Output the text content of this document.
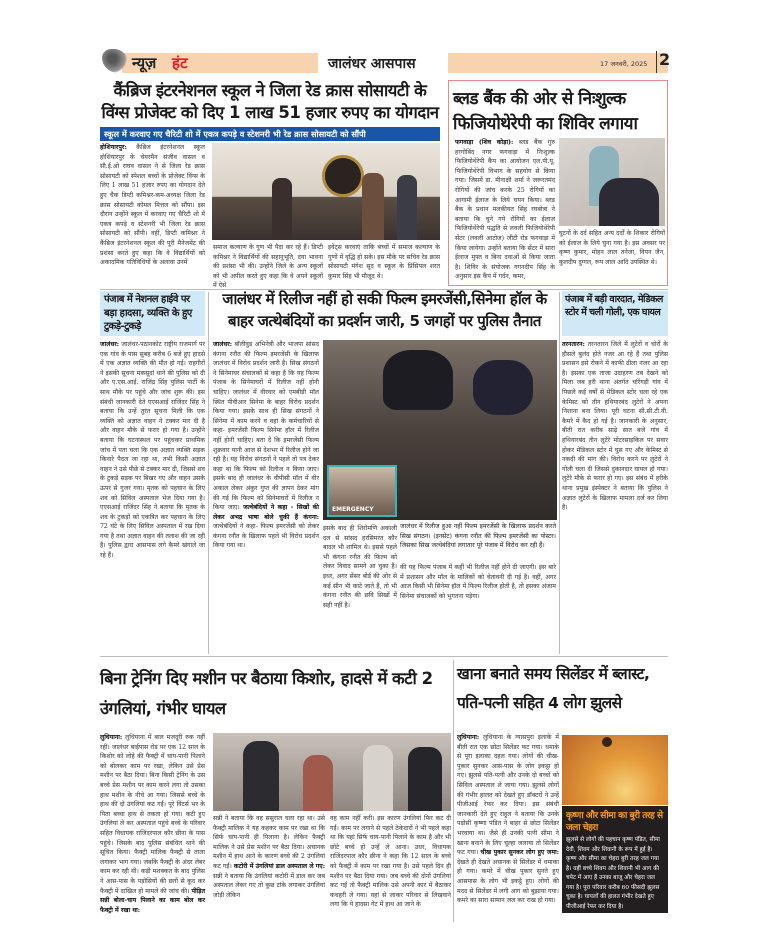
न्यूज़ हंट	जालंधर आसपास	17 जनवरी, 2025 2
कैंब्रिज इंटरनेशनल स्कूल ने जिला रेड क्रास सोसायटी के विंग्स प्रोजेक्ट को दिए 1 लाख 51 हजार रुपए का योगदान
स्कूल में करवाए गए चैरिटी शो में एकत्र कपड़े व स्टेशनरी भी रेड क्रास सोसायटी को सौंपी
होशियारपुर: कैंब्रिज इंटरनेशनल स्कूल होशियारपुर के चेयरमैन संजीव वासल व सी.ई.ओ राघव वासल ने से जिला रेड क्रास सोसायटी को स्पेशल बच्चों के प्रोजेक्ट विंग्स के लिए 1 लाख 51 हजार रुपए का योगदान देते हुए चैक डिप्टी कमिश्नर-कम-अध्यक्ष जिला रेड क्रास सोसायटी कोमल मित्तल को सौंपा। इस दौरान उन्होंने स्कूल में करवाए गए चैरिटी शो में एकत्र कपड़े व स्टेशनरी भी जिला रेड क्रास सोसायटी को सौंपी। वहीं, डिप्टी कमिश्नर ने कैंब्रिज इंटरनेशनल स्कूल की पूरी मैनेजमेंट की प्रशंसा करते हुए कहा कि वे विद्यार्थियों को अकादमिक गतिविधियों के अलावा उनमें
समाज कल्याण के गुण भी पैदा कर रहे हैं। डिप्टी कमिश्नर ने विद्यार्थियों की सहानुभूति, दया भावना की प्रशंसा भी की। उन्होंने जिले के अन्य स्कूलों को भी अपील करते हुए कहा कि वे अपने स्कूलों में ऐसे
इवेंट्स करवाएं ताकि बच्चों में समाज कल्याण के गुणों में वृद्धि हो सके। इस मौके पर सचिव रेड क्रास सोसायटी मंगेश सूद व स्कूल के प्रिंसिपल शरत कुमार सिंह भी मौजूद थे।
ब्लड बैंक की ओर से निःशुल्क फिजियोथेरेपी का शिविर लगाया
फगवाड़ा (शिव कोड़ा): ब्लड बैंक गुरु हरगोबिंद नगर फगवाड़ा में निःशुल्क फिजियोथेरेपी कैंप का आयोजन एल.पी.यू. फिजियोथेरेपी विभाग के सहयोग से किया गया। जिसमें डा. मीनाक्षी शर्मा ने जरूरतमंद रोगियों की जांच करके 25 रोगियों का आगामी ईलाज के लिये चयन किया। ब्लड बैंक के प्रधान मलकीयत सिंह रघबोत्रा ने बताया कि चुने गये रोगियों का ईलाज फिजियोथेरेपी पद्धति से लवली फिजियोथेरेपी सेंटर (लवली आटोज) जीटी रोड फगवाड़ा में किया जायेगा। उन्होंने बताया कि सेंटर में सारा ईलाज मुफ्त व बिना दवाओं से किया जाता है। शिविर के संयोजक गगनदीप सिंह के अनुसार इस कैंप में गर्दन, कमर,
घुटनों के दर्द सहित अन्य दर्दों के शिकार रोगियों को ईलाज के लिये चुना गया है। इस अवसर पर कृष्ण कुमार, मोहन लाल तनेजा, विपन जैन, कुलदीप दुग्गल, रूप लाल आदि उपस्थित थे।
पंजाब में नेशनल हाईवे पर बड़ा हादसा, व्यक्ति के हुए टुकड़े-टुकड़े
जालंधर: जालंधर-पठानकोट राष्ट्रीय राजमार्ग पर एक गांव के पास सुबह करीब 6 बजे हुए हादसे में एक अज्ञात व्यक्ति की मौत हो गई। राहगीरों ने इसकी सूचना मकसूदां थाने की पुलिस को दी और ए.एस.आई. राजिंद्र सिंह पुलिस पार्टी के साथ मौके पर पहुंचे और जांच शुरू की। इस संबंधी जानकारी देते एएसआई राजिंदर सिंह ने बताया कि उन्हें तुरंत सूचना मिली कि एक व्यक्ति को अज्ञात वाहन ने टक्कर मार दी है और वाहन मौके से फरार हो गया है। उन्होंने बताया कि घटनास्थल पर पहुंचकर प्राथमिक जांच में पता चला कि एक अज्ञात व्यक्ति सड़क किनारे पैदल जा रहा था, तभी किसी अज्ञात वाहन ने उसे पीछे से टक्कर मार दी, जिससे शव के टुकड़े सड़क पर बिखर गए और वाहन उसके ऊपर से गुजर गया। मृतक को पहचान के लिए शव को सिविल अस्पताल भेज दिया गया है। एएसआई राजिंदर सिंह ने बताया कि मृतक के शव के टुकड़ों को एकत्रित कर पहचान के लिए 72 घंटे के लिए सिविल अस्पताल में रख दिया गया है तथा अज्ञात वाहन की तलाश की जा रही है। पुलिस द्वारा आसपास लगे कैमरे खंगाले जा रहे हैं।
जालंधर में रिलीज नहीं हो सकी फिल्म इमरजेंसी,सिनेमा हॉल के बाहर जत्थेबंदियों का प्रदर्शन जारी, 5 जगहों पर पुलिस तैनात
जालंधर: बॉलीवुड अभिनेत्री और भाजपा सांसद कंगना रनौत की फिल्म इमरजेंसी के खिलाफ जालंधर में विरोध प्रदर्शन जारी है। सिख संगठनों ने सिनेमाघर संचालकों से कहा है कि यह फिल्म पंजाब के सिनेमाघरों में रिलीज नहीं होनी चाहिए। जालंधर में वीरवार को एमबीडी मॉल स्थित पीवीआर सिनेमा के बाहर विरोध प्रदर्शन किया गया। इसके साथ ही सिख संगठनों ने सिनेमा में काम करने व वहां के कर्मचारियों से कहा- इमरजेंसी फिल्म सिनेमा हॉल में रिलीज नहीं होनी चाहिए। बता दें कि इमरजेंसी फिल्म शुक्रवार यानी आज से देशभर में रिलीज होने जा रही है। यह विरोध संगठनों ने पहले तो पत्र देकर कहा था कि फिल्म को रिलीज न किया जाए। इसके बाद ही जालंधर के वीपीसी मॉल में वीर अकाल लेकर अंकुर गुप्त की ज्ञापन देकर मांग की गई कि फिल्म को सिनेमाघरों में रिलीज न किया जाए। जत्थेबंदियों ने कहा - सिखों की लेकर अभद्र भाषा बोले चुकी हैं कंगना: जत्थेबंदियों ने कहा- फिल्म इमरजेंसी को लेकर कंगना रनौत के खिलाफ पहले भी विरोध प्रदर्शन किया गया था।
EMERGENCY
जालंधर में रिलीज हुआ नहीं फिल्म इमरजेंसी के खिलाफ प्रदर्शन करते सिख संगठन। (इनसेट) कंगना रनौत की फिल्म इमरजेंसी का पोस्टर। जिसका सिख जत्थेबंदियां लगातार पूरे पंजाब में विरोध कर रही हैं।
इसके बाद ही शिरोमणि अकाली दल से सांसद हरसिमरत कौर बादल भी शामिल थे। इससे पहले भी कंगना रनौत की फिल्म को लेकर विवाद सामने आ चुका है। इधर, अगर सेंसर बोर्ड की ओर से कई सीन भी काटे जाते हैं, तो भी कंगना रनौत की छवि सिखों में सही नहीं है।
की यह फिल्म पंजाब में कहीं भी रिलीज नहीं होने दी जाएगी। इस बारे में प्रशासन और मॉल के मालिकों को चेतावनी दी गई है। वहीं, अगर आज किसी भी सिनेमा हॉल में फिल्म रिलीज होती है, तो इसका अंजाम सिनेमा संचालकों को भुगतना पड़ेगा।
पंजाब में बड़ी वारदात, मेडिकल स्टोर में चली गोली, एक घायल
तरनतारन: तरनतारन जिले में लुटेरों व चोरों के हौसले बुलंद होते नजर आ रहे हैं तथा पुलिस प्रशासन इसे रोकने में काफी ढीला नजर आ रहा है। इसका एक ताजा उदाहरण तब देखने को मिला जब हरी थाना अंतर्गत चरिंगड़ी गांव में पिछले कई वर्षों से मेडिकल स्टोर चला रहे एक केमिस्ट को तीन हथियारबंद लुटेरों ने अपना निशाना बना लिया। पूरी घटना सी.सी.टी.वी. कैमरे में कैद हो गई है। जानकारी के अनुसार, बीती रात करीब साढ़े सात बजे गांव में हथियारबंद तीन लुटेरे मोटरसाइकिल पर सवार होकर मेडिकल स्टोर में घुस गए और केमिस्ट से नकदी की मांग की। विरोध करने पर लुटेरों ने गोली चला दी जिससे दुकानदार घायल हो गया। लुटेरे मौके से फरार हो गए। इस संबंध में हरीके थाना प्रमुख इंस्पेक्टर ने बताया कि पुलिस ने अज्ञात लुटेरों के खिलाफ मामला दर्ज कर लिया है।
बिना ट्रेनिंग दिए मशीन पर बैठाया किशोर, हादसे में कटी 2 उंगलियां, गंभीर घायल
लुधियाना: लुधियाना में बाल मजदूरी रुक नहीं रही। जालंधर बाईपास रोड पर एक 12 साल के किशोर को लोहे की फैक्ट्री में चाय-पानी पिलाने को बोलकर काम पर रखा, लेकिन उसे प्रेस मशीन पर बैठा दिया। बिना किसी ट्रेनिंग के उस बच्चे प्रेस मशीन पर काम करने लगा तो उसका हाथ मशीन के नीचे आ गया। जिससे बच्चे के हाथ की दो उंगलियां कट गईं। पूरे विंटर्स भर के पिता बच्चा हाथ से तकता हो गया। कटी हुए उंगलियां ले कर अस्पताल पहुंचे बच्चे के परिवार सहित विधायक राजिंदरपाल कौर छीना के पास पहुंचे। जिसके बाद पुलिस संबंधित थाने की सूचित किया। फैक्ट्री मालिक फैक्ट्री से ताला लगाकर भाग गया। जबकि फैक्ट्री के अंदर लेबर काम कर रही थी। कड़ी मशक्कत के बाद पुलिस ने आस-पास के पड़ोसियों की छतों से कूद कर फैक्ट्री में दाखिल हो मामले की जांच की। पीड़ित सन्नी बोला-चाय पिलाने का काम बोल कर फैक्ट्री में रखा था:
सन्नी ने बताया कि वह ससुराल चला रहा था। उसे फैक्ट्री मालिक ने यह कहकर काम पर रखा था कि सिर्फ चाय-पानी ही पिलाना है। लेकिन फैक्ट्री मालिक ने उसे प्रेस मशीन पर बैठा दिया। अचानक मशीन में हाथ आने के कारण बच्चे की 2 उंगलियां कट गईं। कटोरी में उंगलियां डाल अस्पताल ले गए: सन्नी ने बताया कि उंगलियां कटोरी में डाल कर जब अस्पताल लेकर गए तो कुछ टांके लगाकर उंगलियां जोड़ी लेकिन
वह काम नहीं करी। इस कारण उंगलियां फिर कट दी गईं। काम पर लगाने से पहले ठेकेदारों ने भी पहले कहा था कि यहां सिर्फ चाय-पानी पिलाने के काम है और भी छोटे बच्चे हो उन्हें ले आना। उधर, विधायक राजिंदरपाल कौर छीना ने कहा कि 12 साल के बच्चे को फैक्ट्री में काम पर रखा गया है। उसे पहले दिन ही मशीन पर बैठा दिया गया। जब बच्चे की दोनों उंगलियां कट गईं तो फैक्ट्री मालिक उसे अपनी कार में बैठाकर कचहरी ले गया। वहां से जाकर परिवार से लिखवाने लगा कि ये हादसा गेट में हाथ आ जाने के
खाना बनाते समय सिलेंडर में ब्लास्ट, पति-पत्नी सहित 4 लोग झुलसे
लुधियाना: लुधियाना के ग्यासपुरा इलाके में बीती रात एक छोटा सिलेंडर फट गया। धमाके से पूरा इलाका दहल गया। लोगों की चीख-पुकार सुनकर आस-पास के लोग इकट्ठा हो गए। झुलसे पति-पत्नी और उनके दो बच्चों को सिविल अस्पताल ले जाया गया। झुलसे लोगों की गंभीर हालत को देखते हुए डॉक्टरों ने उन्हें पीजीआई रेफर कर दिया। इस संबंधी जानकारी देते हुए राहुल ने बताया कि उनके पड़ोसी कृष्णा पंडित ने बाहर से छोटा सिलेंडर भरवाया था। जैसे ही उनकी पत्नी सीमा ने खाना बनाने के लिए चूल्हा जलाया तो सिलेंडर फट गया। चीख पुकार सुनकर लोग हुए जमा: देखते ही देखते अचानक से सिलेंडर में धमाका हो गया। कमरे में चीख पुकार सुनते हुए आसपास के लोग भी इकट्ठे हुए। लोगों की मदद से सिलेंडर में लगी आग को बुझाया गया। कमरे का सारा सामान जल कर राख हो गया।
कृष्णा और सीमा का बुरी तरह से जला चेहरा
झुलसे से लोगों की पहचान कृष्ण पंडित, सीमा देवी, शिवम और शिवानी के रूप में हुई है। कृष्ण और सीमा का चेहरा बुरी तरह जल गया है। वहीं बच्चे शिवम और शिवानी भी आग की चपेट में आए हैं उनका बाजू और चेहरा जल गया है। पूरा परिवार करीब 60 फीसदी झुलस चुका है। घायलों की हालत गंभीर देखते हुए पीजीआई रेफर कर दिया है।
